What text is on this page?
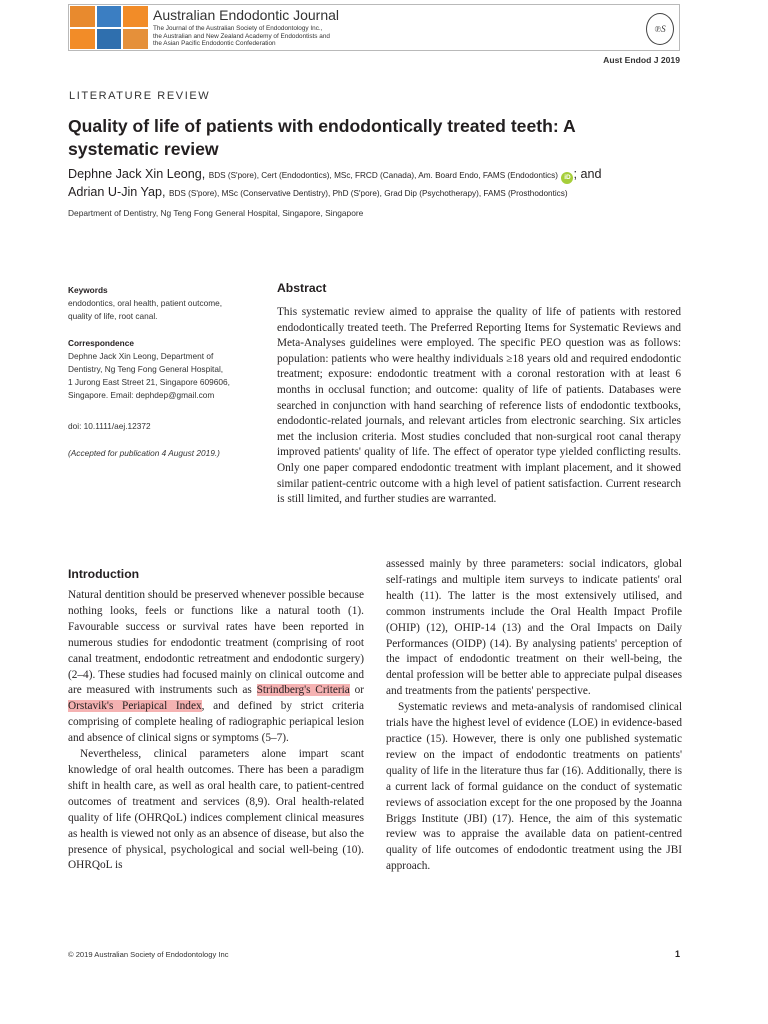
Australian Endodontic Journal
The Journal of the Australian Society of Endodontology Inc.,
the Australian and New Zealand Academy of Endodontists and
the Asian Pacific Endodontic Confederation
℗S
Aust Endod J 2019
LITERATURE REVIEW
Quality of life of patients with endodontically treated teeth: A systematic review
Dephne Jack Xin Leong, BDS (S'pore), Cert (Endodontics), MSc, FRCD (Canada), Am. Board Endo, FAMS (Endodontics) iD ; and
Adrian U-Jin Yap, BDS (S'pore), MSc (Conservative Dentistry), PhD (S'pore), Grad Dip (Psychotherapy), FAMS (Prosthodontics)
Department of Dentistry, Ng Teng Fong General Hospital, Singapore, Singapore
Keywords
endodontics, oral health, patient outcome,
quality of life, root canal.
Correspondence
Dephne Jack Xin Leong, Department of
Dentistry, Ng Teng Fong General Hospital,
1 Jurong East Street 21, Singapore 609606,
Singapore. Email: dephdep@gmail.com
doi: 10.1111/aej.12372
(Accepted for publication 4 August 2019.)
Abstract
This systematic review aimed to appraise the quality of life of patients with restored endodontically treated teeth. The Preferred Reporting Items for Systematic Reviews and Meta-Analyses guidelines were employed. The specific PEO question was as follows: population: patients who were healthy individuals ≥18 years old and required endodontic treatment; exposure: endodontic treatment with a coronal restoration with at least 6 months in occlusal function; and outcome: quality of life of patients. Databases were searched in conjunction with hand searching of reference lists of endodontic textbooks, endodontic-related journals, and relevant articles from electronic searching. Six articles met the inclusion criteria. Most studies concluded that non-surgical root canal therapy improved patients' quality of life. The effect of operator type yielded conflicting results. Only one paper compared endodontic treatment with implant placement, and it showed similar patient-centric outcome with a high level of patient satisfaction. Current research is still limited, and further studies are warranted.
Introduction

Natural dentition should be preserved whenever possible because nothing looks, feels or functions like a natural tooth (1). Favourable success or survival rates have been reported in numerous studies for endodontic treatment (comprising of root canal treatment, endodontic retreatment and endodontic surgery) (2–4). These studies had focused mainly on clinical outcome and are measured with instruments such as Strindberg's Criteria or Orstavik's Periapical Index, and defined by strict criteria comprising of complete healing of radiographic periapical lesion and absence of clinical signs or symptoms (5–7).

Nevertheless, clinical parameters alone impart scant knowledge of oral health outcomes. There has been a paradigm shift in health care, as well as oral health care, to patient-centred outcomes of treatment and services (8,9). Oral health-related quality of life (OHRQoL) indices complement clinical measures as health is viewed not only as an absence of disease, but also the presence of physical, psychological and social well-being (10). OHRQoL is

assessed mainly by three parameters: social indicators, global self-ratings and multiple item surveys to indicate patients' oral health (11). The latter is the most extensively utilised, and common instruments include the Oral Health Impact Profile (OHIP) (12), OHIP-14 (13) and the Oral Impacts on Daily Performances (OIDP) (14). By analysing patients' perception of the impact of endodontic treatment on their well-being, the dental profession will be better able to appreciate pulpal diseases and treatments from the patients' perspective.

Systematic reviews and meta-analysis of randomised clinical trials have the highest level of evidence (LOE) in evidence-based practice (15). However, there is only one published systematic review on the impact of endodontic treatments on patients' quality of life in the literature thus far (16). Additionally, there is a current lack of formal guidance on the conduct of systematic reviews of association except for the one proposed by the Joanna Briggs Institute (JBI) (17). Hence, the aim of this systematic review was to appraise the available data on patient-centred quality of life outcomes of endodontic treatment using the JBI approach.

© 2019 Australian Society of Endodontology Inc	1
